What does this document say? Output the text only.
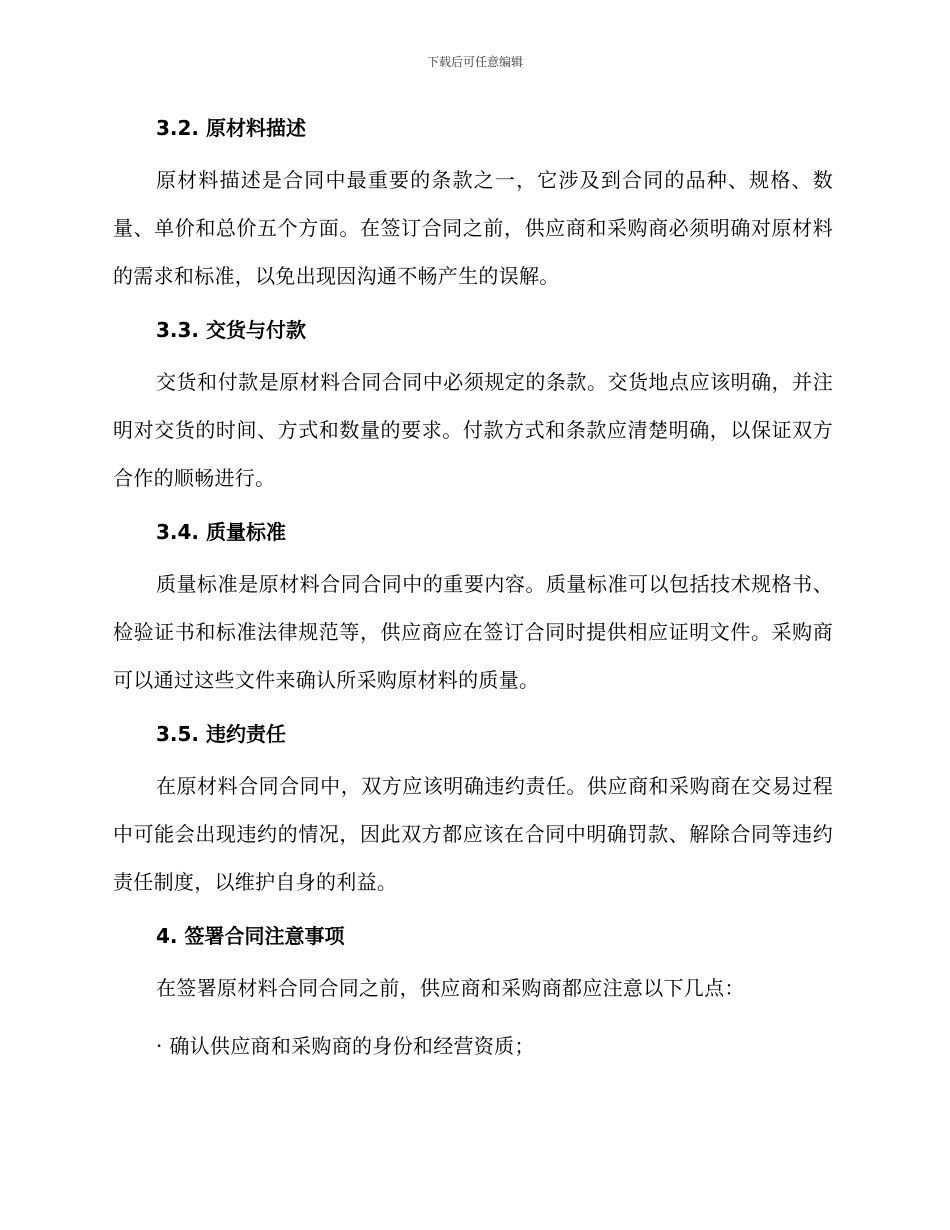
下载后可任意编辑
3.2. 原材料描述

原材料描述是合同中最重要的条款之一，它涉及到合同的品种、规格、数量、单价和总价五个方面。在签订合同之前，供应商和采购商必须明确对原材料的需求和标准，以免出现因沟通不畅产生的误解。

3.3. 交货与付款

交货和付款是原材料合同合同中必须规定的条款。交货地点应该明确，并注明对交货的时间、方式和数量的要求。付款方式和条款应清楚明确，以保证双方合作的顺畅进行。

3.4. 质量标准

质量标准是原材料合同合同中的重要内容。质量标准可以包括技术规格书、检验证书和标准法律规范等，供应商应在签订合同时提供相应证明文件。采购商可以通过这些文件来确认所采购原材料的质量。

3.5. 违约责任

在原材料合同合同中，双方应该明确违约责任。供应商和采购商在交易过程中可能会出现违约的情况，因此双方都应该在合同中明确罚款、解除合同等违约责任制度，以维护自身的利益。

4. 签署合同注意事项

在签署原材料合同合同之前，供应商和采购商都应注意以下几点：

· 确认供应商和采购商的身份和经营资质；
